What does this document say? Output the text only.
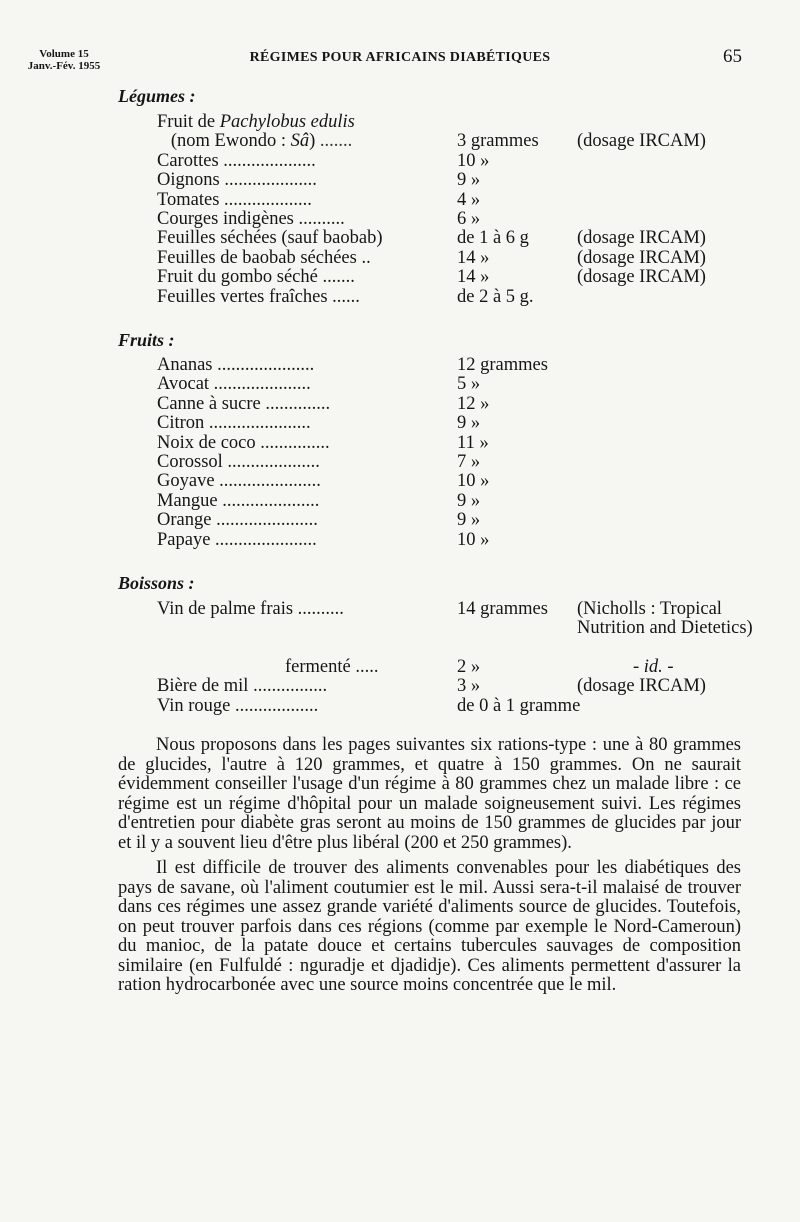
Volume 15
Janv.-Fév. 1955
RÉGIMES POUR AFRICAINS DIABÉTIQUES	65
Légumes :
Fruit de Pachylobus edulis
(nom Ewondo : Sâ) .......	3 grammes	(dosage IRCAM)
Carottes ....................	10 »
Oignons ....................	9 »
Tomates ...................	4 »
Courges indigènes ..........	6 »
Feuilles séchées (sauf baobab)	de 1 à 6 g	(dosage IRCAM)
Feuilles de baobab séchées ..	14 »	(dosage IRCAM)
Fruit du gombo séché .......	14 »	(dosage IRCAM)
Feuilles vertes fraîches ......	de 2 à 5 g.
Fruits :
Ananas .....................	12 grammes
Avocat .....................	5 »
Canne à sucre ..............	12 »
Citron ......................	9 »
Noix de coco ...............	11 »
Corossol ....................	7 »
Goyave ......................	10 »
Mangue .....................	9 »
Orange ......................	9 »
Papaye ......................	10 »
Boissons :
Vin de palme frais ..........	14 grammes	(Nicholls : Tropical Nutrition and Dietetics)
fermenté .....	2 »	- id. -
Bière de mil ................	3 »	(dosage IRCAM)
Vin rouge ..................	de 0 à 1 gramme

Nous proposons dans les pages suivantes six rations-type : une à 80 grammes de glucides, l'autre à 120 grammes, et quatre à 150 grammes. On ne saurait évidemment conseiller l'usage d'un régime à 80 grammes chez un malade libre : ce régime est un régime d'hôpital pour un malade soigneusement suivi. Les régimes d'entretien pour diabète gras seront au moins de 150 grammes de glucides par jour et il y a souvent lieu d'être plus libéral (200 et 250 grammes).

Il est difficile de trouver des aliments convenables pour les diabétiques des pays de savane, où l'aliment coutumier est le mil. Aussi sera-t-il malaisé de trouver dans ces régimes une assez grande variété d'aliments source de glucides. Toutefois, on peut trouver parfois dans ces régions (comme par exemple le Nord-Cameroun) du manioc, de la patate douce et certains tubercules sauvages de composition similaire (en Fulfuldé : nguradje et djadidje). Ces aliments permettent d'assurer la ration hydrocarbonée avec une source moins concentrée que le mil.
